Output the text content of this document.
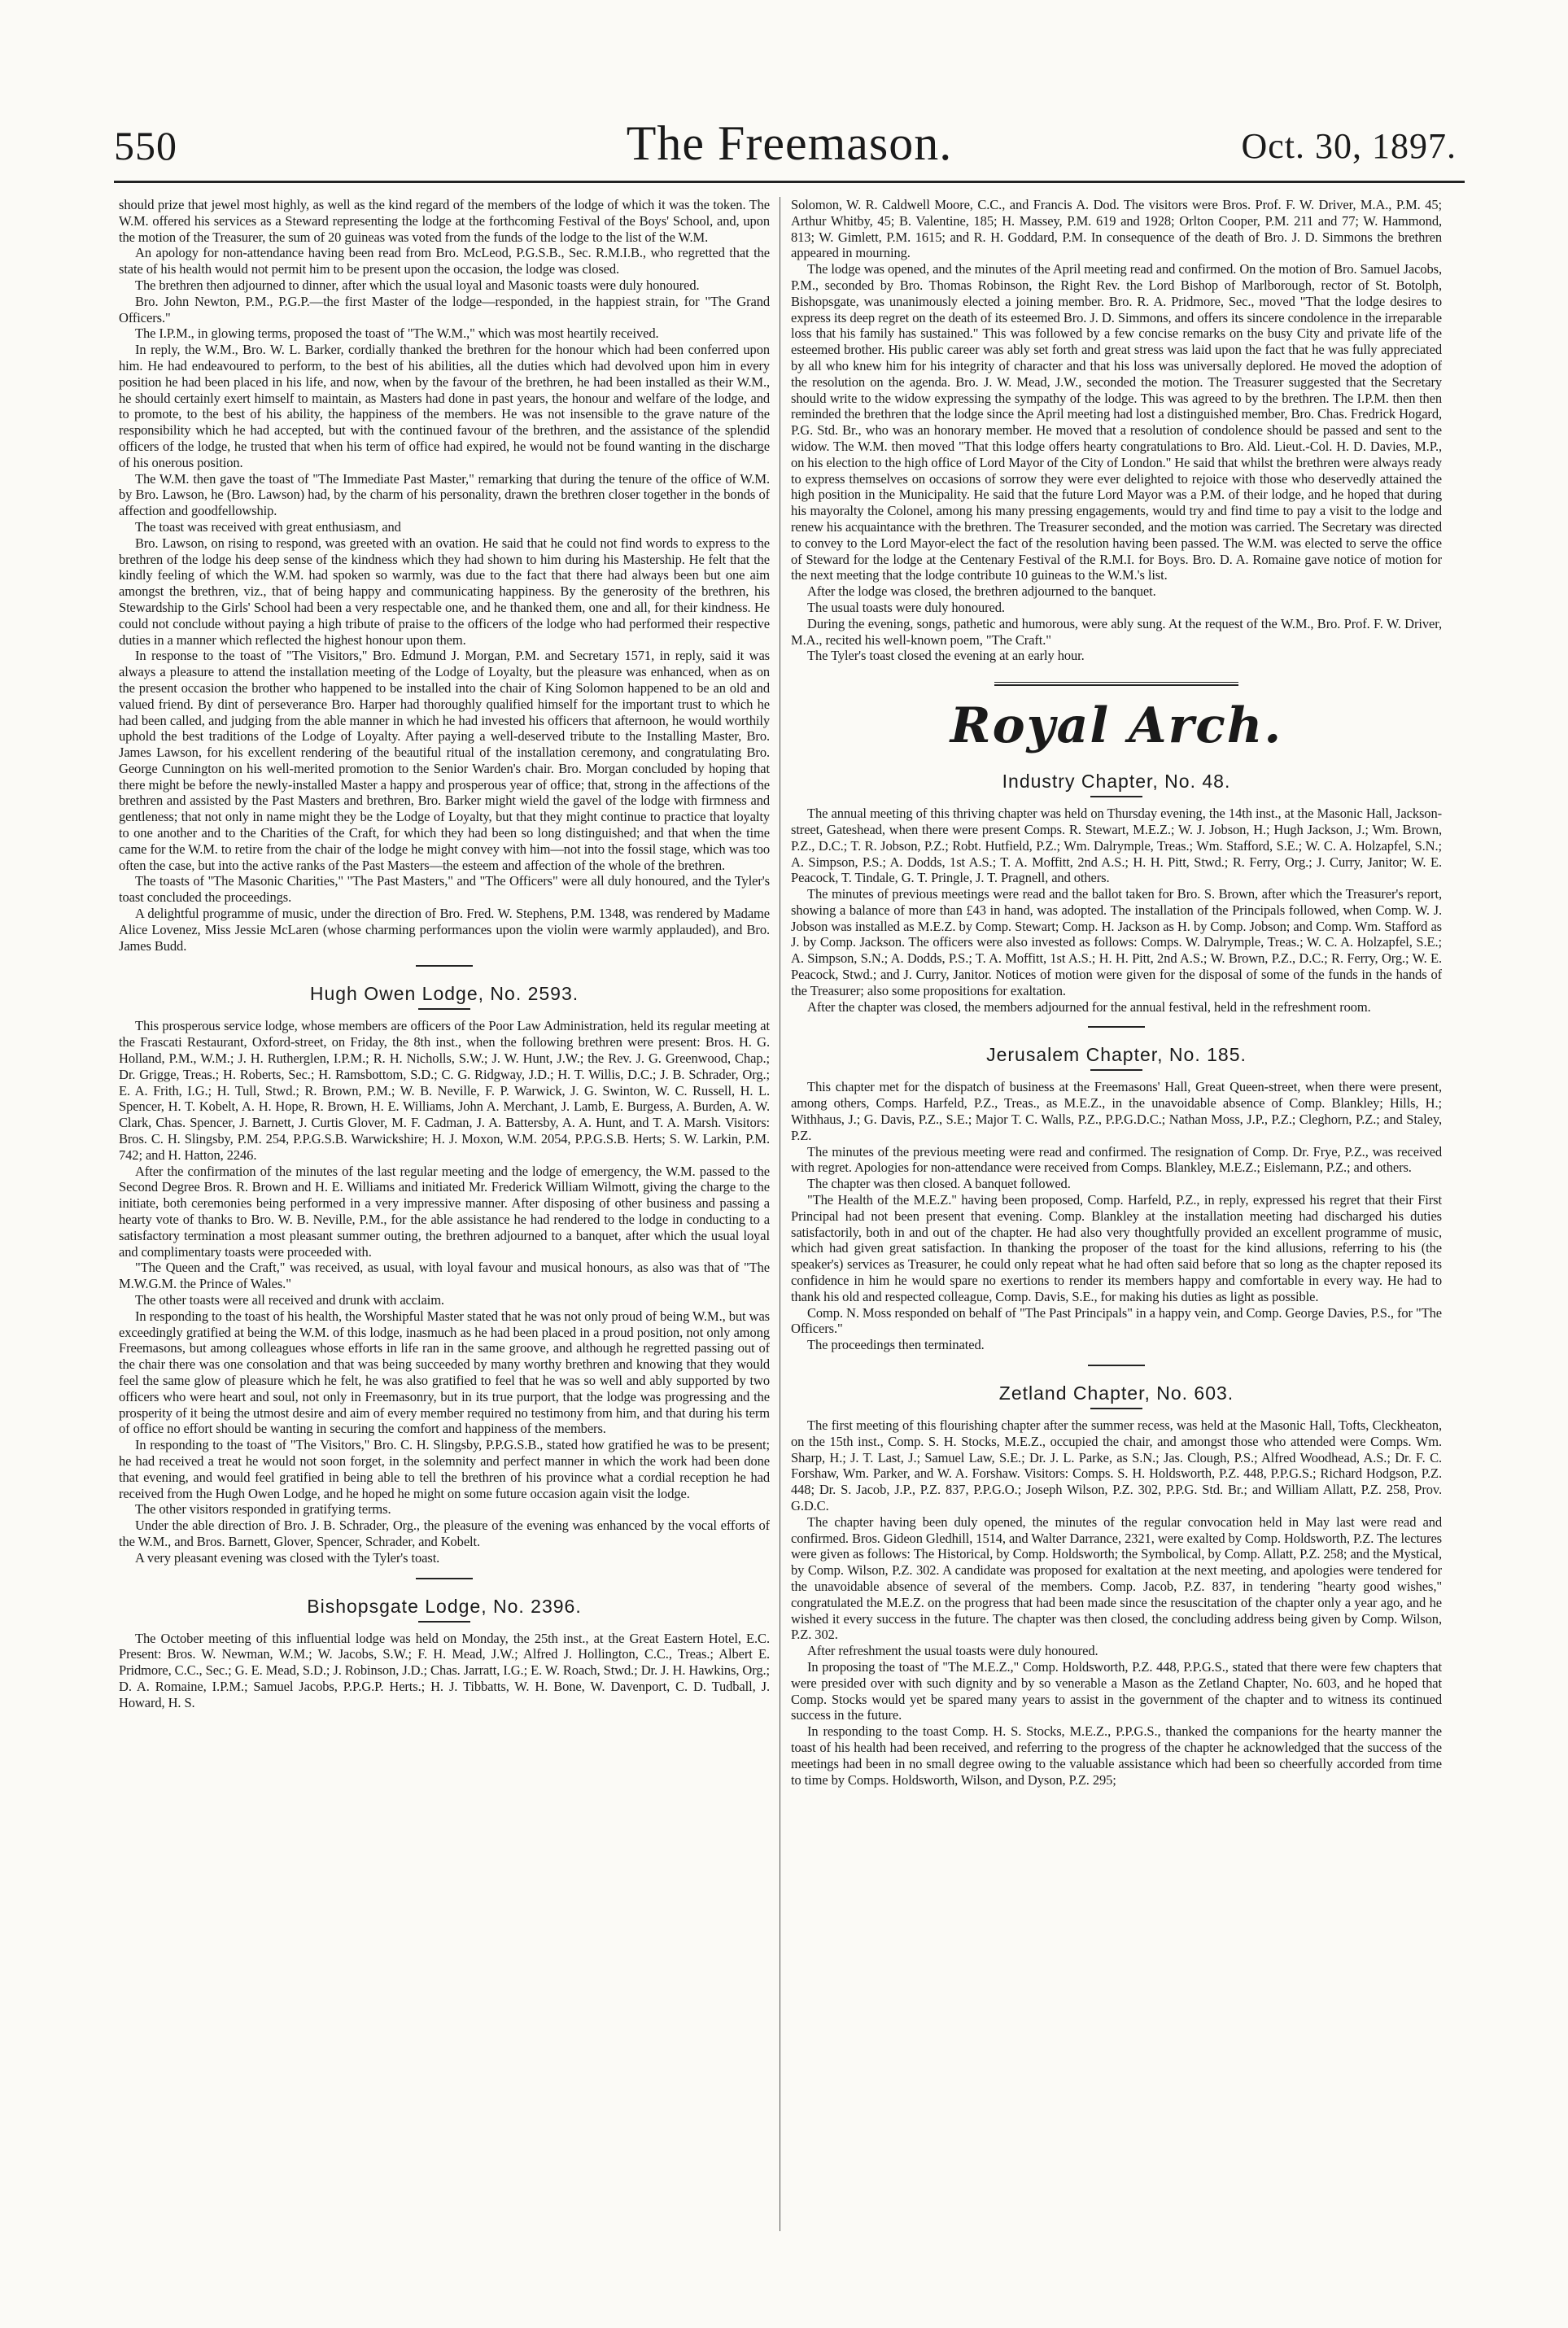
550	The Freemason.	Oct. 30, 1897.

should prize that jewel most highly, as well as the kind regard of the members of the lodge of which it was the token. The W.M. offered his services as a Steward representing the lodge at the forthcoming Festival of the Boys' School, and, upon the motion of the Treasurer, the sum of 20 guineas was voted from the funds of the lodge to the list of the W.M.

An apology for non-attendance having been read from Bro. McLeod, P.G.S.B., Sec. R.M.I.B., who regretted that the state of his health would not permit him to be present upon the occasion, the lodge was closed.

The brethren then adjourned to dinner, after which the usual loyal and Masonic toasts were duly honoured.

Bro. John Newton, P.M., P.G.P.—the first Master of the lodge—responded, in the happiest strain, for "The Grand Officers."

The I.P.M., in glowing terms, proposed the toast of "The W.M.," which was most heartily received.

In reply, the W.M., Bro. W. L. Barker, cordially thanked the brethren for the honour which had been conferred upon him. He had endeavoured to perform, to the best of his abilities, all the duties which had devolved upon him in every position he had been placed in his life, and now, when by the favour of the brethren, he had been installed as their W.M., he should certainly exert himself to maintain, as Masters had done in past years, the honour and welfare of the lodge, and to promote, to the best of his ability, the happiness of the members. He was not insensible to the grave nature of the responsibility which he had accepted, but with the continued favour of the brethren, and the assistance of the splendid officers of the lodge, he trusted that when his term of office had expired, he would not be found wanting in the discharge of his onerous position.

The W.M. then gave the toast of "The Immediate Past Master," remarking that during the tenure of the office of W.M. by Bro. Lawson, he (Bro. Lawson) had, by the charm of his personality, drawn the brethren closer together in the bonds of affection and goodfellowship.

The toast was received with great enthusiasm, and

Bro. Lawson, on rising to respond, was greeted with an ovation. He said that he could not find words to express to the brethren of the lodge his deep sense of the kindness which they had shown to him during his Mastership. He felt that the kindly feeling of which the W.M. had spoken so warmly, was due to the fact that there had always been but one aim amongst the brethren, viz., that of being happy and communicating happiness. By the generosity of the brethren, his Stewardship to the Girls' School had been a very respectable one, and he thanked them, one and all, for their kindness. He could not conclude without paying a high tribute of praise to the officers of the lodge who had performed their respective duties in a manner which reflected the highest honour upon them.

In response to the toast of "The Visitors," Bro. Edmund J. Morgan, P.M. and Secretary 1571, in reply, said it was always a pleasure to attend the installation meeting of the Lodge of Loyalty, but the pleasure was enhanced, when as on the present occasion the brother who happened to be installed into the chair of King Solomon happened to be an old and valued friend. By dint of perseverance Bro. Harper had thoroughly qualified himself for the important trust to which he had been called, and judging from the able manner in which he had invested his officers that afternoon, he would worthily uphold the best traditions of the Lodge of Loyalty. After paying a well-deserved tribute to the Installing Master, Bro. James Lawson, for his excellent rendering of the beautiful ritual of the installation ceremony, and congratulating Bro. George Cunnington on his well-merited promotion to the Senior Warden's chair. Bro. Morgan concluded by hoping that there might be before the newly-installed Master a happy and prosperous year of office; that, strong in the affections of the brethren and assisted by the Past Masters and brethren, Bro. Barker might wield the gavel of the lodge with firmness and gentleness; that not only in name might they be the Lodge of Loyalty, but that they might continue to practice that loyalty to one another and to the Charities of the Craft, for which they had been so long distinguished; and that when the time came for the W.M. to retire from the chair of the lodge he might convey with him—not into the fossil stage, which was too often the case, but into the active ranks of the Past Masters—the esteem and affection of the whole of the brethren.

The toasts of "The Masonic Charities," "The Past Masters," and "The Officers" were all duly honoured, and the Tyler's toast concluded the proceedings.

A delightful programme of music, under the direction of Bro. Fred. W. Stephens, P.M. 1348, was rendered by Madame Alice Lovenez, Miss Jessie McLaren (whose charming performances upon the violin were warmly applauded), and Bro. James Budd.

Hugh Owen Lodge, No. 2593.

This prosperous service lodge, whose members are officers of the Poor Law Administration, held its regular meeting at the Frascati Restaurant, Oxford-street, on Friday, the 8th inst., when the following brethren were present: Bros. H. G. Holland, P.M., W.M.; J. H. Rutherglen, I.P.M.; R. H. Nicholls, S.W.; J. W. Hunt, J.W.; the Rev. J. G. Greenwood, Chap.; Dr. Grigge, Treas.; H. Roberts, Sec.; H. Ramsbottom, S.D.; C. G. Ridgway, J.D.; H. T. Willis, D.C.; J. B. Schrader, Org.; E. A. Frith, I.G.; H. Tull, Stwd.; R. Brown, P.M.; W. B. Neville, F. P. Warwick, J. G. Swinton, W. C. Russell, H. L. Spencer, H. T. Kobelt, A. H. Hope, R. Brown, H. E. Williams, John A. Merchant, J. Lamb, E. Burgess, A. Burden, A. W. Clark, Chas. Spencer, J. Barnett, J. Curtis Glover, M. F. Cadman, J. A. Battersby, A. A. Hunt, and T. A. Marsh. Visitors: Bros. C. H. Slingsby, P.M. 254, P.P.G.S.B. Warwickshire; H. J. Moxon, W.M. 2054, P.P.G.S.B. Herts; S. W. Larkin, P.M. 742; and H. Hatton, 2246.

After the confirmation of the minutes of the last regular meeting and the lodge of emergency, the W.M. passed to the Second Degree Bros. R. Brown and H. E. Williams and initiated Mr. Frederick William Wilmott, giving the charge to the initiate, both ceremonies being performed in a very impressive manner. After disposing of other business and passing a hearty vote of thanks to Bro. W. B. Neville, P.M., for the able assistance he had rendered to the lodge in conducting to a satisfactory termination a most pleasant summer outing, the brethren adjourned to a banquet, after which the usual loyal and complimentary toasts were proceeded with.

"The Queen and the Craft," was received, as usual, with loyal favour and musical honours, as also was that of "The M.W.G.M. the Prince of Wales."

The other toasts were all received and drunk with acclaim.

In responding to the toast of his health, the Worshipful Master stated that he was not only proud of being W.M., but was exceedingly gratified at being the W.M. of this lodge, inasmuch as he had been placed in a proud position, not only among Freemasons, but among colleagues whose efforts in life ran in the same groove, and although he regretted passing out of the chair there was one consolation and that was being succeeded by many worthy brethren and knowing that they would feel the same glow of pleasure which he felt, he was also gratified to feel that he was so well and ably supported by two officers who were heart and soul, not only in Freemasonry, but in its true purport, that the lodge was progressing and the prosperity of it being the utmost desire and aim of every member required no testimony from him, and that during his term of office no effort should be wanting in securing the comfort and happiness of the members.

In responding to the toast of "The Visitors," Bro. C. H. Slingsby, P.P.G.S.B., stated how gratified he was to be present; he had received a treat he would not soon forget, in the solemnity and perfect manner in which the work had been done that evening, and would feel gratified in being able to tell the brethren of his province what a cordial reception he had received from the Hugh Owen Lodge, and he hoped he might on some future occasion again visit the lodge.

The other visitors responded in gratifying terms.

Under the able direction of Bro. J. B. Schrader, Org., the pleasure of the evening was enhanced by the vocal efforts of the W.M., and Bros. Barnett, Glover, Spencer, Schrader, and Kobelt.

A very pleasant evening was closed with the Tyler's toast.

Bishopsgate Lodge, No. 2396.

The October meeting of this influential lodge was held on Monday, the 25th inst., at the Great Eastern Hotel, E.C. Present: Bros. W. Newman, W.M.; W. Jacobs, S.W.; F. H. Mead, J.W.; Alfred J. Hollington, C.C., Treas.; Albert E. Pridmore, C.C., Sec.; G. E. Mead, S.D.; J. Robinson, J.D.; Chas. Jarratt, I.G.; E. W. Roach, Stwd.; Dr. J. H. Hawkins, Org.; D. A. Romaine, I.P.M.; Samuel Jacobs, P.P.G.P. Herts.; H. J. Tibbatts, W. H. Bone, W. Davenport, C. D. Tudball, J. Howard, H. S.

Solomon, W. R. Caldwell Moore, C.C., and Francis A. Dod. The visitors were Bros. Prof. F. W. Driver, M.A., P.M. 45; Arthur Whitby, 45; B. Valentine, 185; H. Massey, P.M. 619 and 1928; Orlton Cooper, P.M. 211 and 77; W. Hammond, 813; W. Gimlett, P.M. 1615; and R. H. Goddard, P.M. In consequence of the death of Bro. J. D. Simmons the brethren appeared in mourning.

The lodge was opened, and the minutes of the April meeting read and confirmed. On the motion of Bro. Samuel Jacobs, P.M., seconded by Bro. Thomas Robinson, the Right Rev. the Lord Bishop of Marlborough, rector of St. Botolph, Bishopsgate, was unanimously elected a joining member. Bro. R. A. Pridmore, Sec., moved "That the lodge desires to express its deep regret on the death of its esteemed Bro. J. D. Simmons, and offers its sincere condolence in the irreparable loss that his family has sustained." This was followed by a few concise remarks on the busy City and private life of the esteemed brother. His public career was ably set forth and great stress was laid upon the fact that he was fully appreciated by all who knew him for his integrity of character and that his loss was universally deplored. He moved the adoption of the resolution on the agenda. Bro. J. W. Mead, J.W., seconded the motion. The Treasurer suggested that the Secretary should write to the widow expressing the sympathy of the lodge. This was agreed to by the brethren. The I.P.M. then then reminded the brethren that the lodge since the April meeting had lost a distinguished member, Bro. Chas. Fredrick Hogard, P.G. Std. Br., who was an honorary member. He moved that a resolution of condolence should be passed and sent to the widow. The W.M. then moved "That this lodge offers hearty congratulations to Bro. Ald. Lieut.-Col. H. D. Davies, M.P., on his election to the high office of Lord Mayor of the City of London." He said that whilst the brethren were always ready to express themselves on occasions of sorrow they were ever delighted to rejoice with those who deservedly attained the high position in the Municipality. He said that the future Lord Mayor was a P.M. of their lodge, and he hoped that during his mayoralty the Colonel, among his many pressing engagements, would try and find time to pay a visit to the lodge and renew his acquaintance with the brethren. The Treasurer seconded, and the motion was carried. The Secretary was directed to convey to the Lord Mayor-elect the fact of the resolution having been passed. The W.M. was elected to serve the office of Steward for the lodge at the Centenary Festival of the R.M.I. for Boys. Bro. D. A. Romaine gave notice of motion for the next meeting that the lodge contribute 10 guineas to the W.M.'s list.

After the lodge was closed, the brethren adjourned to the banquet.

The usual toasts were duly honoured.

During the evening, songs, pathetic and humorous, were ably sung. At the request of the W.M., Bro. Prof. F. W. Driver, M.A., recited his well-known poem, "The Craft."

The Tyler's toast closed the evening at an early hour.

Royal Arch.
Industry Chapter, No. 48.

The annual meeting of this thriving chapter was held on Thursday evening, the 14th inst., at the Masonic Hall, Jackson-street, Gateshead, when there were present Comps. R. Stewart, M.E.Z.; W. J. Jobson, H.; Hugh Jackson, J.; Wm. Brown, P.Z., D.C.; T. R. Jobson, P.Z.; Robt. Hutfield, P.Z.; Wm. Dalrymple, Treas.; Wm. Stafford, S.E.; W. C. A. Holzapfel, S.N.; A. Simpson, P.S.; A. Dodds, 1st A.S.; T. A. Moffitt, 2nd A.S.; H. H. Pitt, Stwd.; R. Ferry, Org.; J. Curry, Janitor; W. E. Peacock, T. Tindale, G. T. Pringle, J. T. Pragnell, and others.

The minutes of previous meetings were read and the ballot taken for Bro. S. Brown, after which the Treasurer's report, showing a balance of more than £43 in hand, was adopted. The installation of the Principals followed, when Comp. W. J. Jobson was installed as M.E.Z. by Comp. Stewart; Comp. H. Jackson as H. by Comp. Jobson; and Comp. Wm. Stafford as J. by Comp. Jackson. The officers were also invested as follows: Comps. W. Dalrymple, Treas.; W. C. A. Holzapfel, S.E.; A. Simpson, S.N.; A. Dodds, P.S.; T. A. Moffitt, 1st A.S.; H. H. Pitt, 2nd A.S.; W. Brown, P.Z., D.C.; R. Ferry, Org.; W. E. Peacock, Stwd.; and J. Curry, Janitor. Notices of motion were given for the disposal of some of the funds in the hands of the Treasurer; also some propositions for exaltation.

After the chapter was closed, the members adjourned for the annual festival, held in the refreshment room.

Jerusalem Chapter, No. 185.

This chapter met for the dispatch of business at the Freemasons' Hall, Great Queen-street, when there were present, among others, Comps. Harfeld, P.Z., Treas., as M.E.Z., in the unavoidable absence of Comp. Blankley; Hills, H.; Withhaus, J.; G. Davis, P.Z., S.E.; Major T. C. Walls, P.Z., P.P.G.D.C.; Nathan Moss, J.P., P.Z.; Cleghorn, P.Z.; and Staley, P.Z.

The minutes of the previous meeting were read and confirmed. The resignation of Comp. Dr. Frye, P.Z., was received with regret. Apologies for non-attendance were received from Comps. Blankley, M.E.Z.; Eislemann, P.Z.; and others.

The chapter was then closed. A banquet followed.

"The Health of the M.E.Z." having been proposed, Comp. Harfeld, P.Z., in reply, expressed his regret that their First Principal had not been present that evening. Comp. Blankley at the installation meeting had discharged his duties satisfactorily, both in and out of the chapter. He had also very thoughtfully provided an excellent programme of music, which had given great satisfaction. In thanking the proposer of the toast for the kind allusions, referring to his (the speaker's) services as Treasurer, he could only repeat what he had often said before that so long as the chapter reposed its confidence in him he would spare no exertions to render its members happy and comfortable in every way. He had to thank his old and respected colleague, Comp. Davis, S.E., for making his duties as light as possible.

Comp. N. Moss responded on behalf of "The Past Principals" in a happy vein, and Comp. George Davies, P.S., for "The Officers."

The proceedings then terminated.

Zetland Chapter, No. 603.

The first meeting of this flourishing chapter after the summer recess, was held at the Masonic Hall, Tofts, Cleckheaton, on the 15th inst., Comp. S. H. Stocks, M.E.Z., occupied the chair, and amongst those who attended were Comps. Wm. Sharp, H.; J. T. Last, J.; Samuel Law, S.E.; Dr. J. L. Parke, as S.N.; Jas. Clough, P.S.; Alfred Woodhead, A.S.; Dr. F. C. Forshaw, Wm. Parker, and W. A. Forshaw. Visitors: Comps. S. H. Holdsworth, P.Z. 448, P.P.G.S.; Richard Hodgson, P.Z. 448; Dr. S. Jacob, J.P., P.Z. 837, P.P.G.O.; Joseph Wilson, P.Z. 302, P.P.G. Std. Br.; and William Allatt, P.Z. 258, Prov. G.D.C.

The chapter having been duly opened, the minutes of the regular convocation held in May last were read and confirmed. Bros. Gideon Gledhill, 1514, and Walter Darrance, 2321, were exalted by Comp. Holdsworth, P.Z. The lectures were given as follows: The Historical, by Comp. Holdsworth; the Symbolical, by Comp. Allatt, P.Z. 258; and the Mystical, by Comp. Wilson, P.Z. 302. A candidate was proposed for exaltation at the next meeting, and apologies were tendered for the unavoidable absence of several of the members. Comp. Jacob, P.Z. 837, in tendering "hearty good wishes," congratulated the M.E.Z. on the progress that had been made since the resuscitation of the chapter only a year ago, and he wished it every success in the future. The chapter was then closed, the concluding address being given by Comp. Wilson, P.Z. 302.

After refreshment the usual toasts were duly honoured.

In proposing the toast of "The M.E.Z.," Comp. Holdsworth, P.Z. 448, P.P.G.S., stated that there were few chapters that were presided over with such dignity and by so venerable a Mason as the Zetland Chapter, No. 603, and he hoped that Comp. Stocks would yet be spared many years to assist in the government of the chapter and to witness its continued success in the future.

In responding to the toast Comp. H. S. Stocks, M.E.Z., P.P.G.S., thanked the companions for the hearty manner the toast of his health had been received, and referring to the progress of the chapter he acknowledged that the success of the meetings had been in no small degree owing to the valuable assistance which had been so cheerfully accorded from time to time by Comps. Holdsworth, Wilson, and Dyson, P.Z. 295;
